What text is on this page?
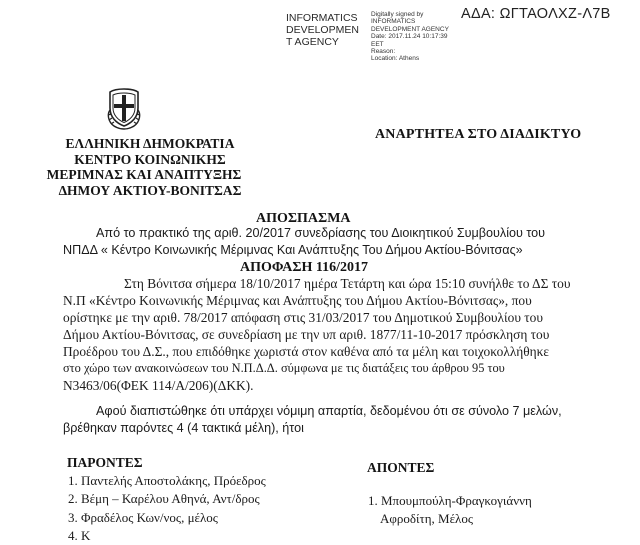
INFORMATICS
DEVELOPMEN
T AGENCY
Digitally signed by
INFORMATICS
DEVELOPMENT AGENCY
Date: 2017.11.24 10:17:39
EET
Reason:
Location: Athens
ΑΔΑ: ΩΓΤΑΟΛΧΖ-Λ7Β
ΕΛΛΗΝΙΚΗ ΔΗΜΟΚΡΑΤΙΑ
ΚΕΝΤΡΟ ΚΟΙΝΩΝΙΚΗΣ
ΜΕΡΙΜΝΑΣ ΚΑΙ ΑΝΑΠΤΥΞΗΣ
ΔΗΜΟΥ ΑΚΤΙΟΥ-ΒΟΝΙΤΣΑΣ
ΑΝΑΡΤΗΤΕΑ ΣΤΟ ΔΙΑΔΙΚΤΥΟ
ΑΠΟΣΠΑΣΜΑ
Από το πρακτικό της αριθ. 20/2017 συνεδρίασης του Διοικητικού Συμβουλίου του
ΝΠΔΔ « Κέντρο Κοινωνικής Μέριμνας Και Ανάπτυξης Του Δήμου Ακτίου-Βόνιτσας»
ΑΠΟΦΑΣΗ 116/2017
Στη Βόνιτσα σήμερα 18/10/2017 ημέρα Τετάρτη και ώρα 15:10 συνήλθε το ΔΣ του
Ν.Π «Κέντρο Κοινωνικής Μέριμνας και Ανάπτυξης του Δήμου Ακτίου-Βόνιτσας», που
ορίστηκε με την αριθ. 78/2017 απόφαση στις 31/03/2017 του Δημοτικού Συμβουλίου του
Δήμου Ακτίου-Βόνιτσας, σε συνεδρίαση με την υπ αριθ. 1877/11-10-2017 πρόσκληση του
Προέδρου του Δ.Σ., που επιδόθηκε χωριστά στον καθένα από τα μέλη και τοιχοκολλήθηκε
στο χώρο των ανακοινώσεων του Ν.Π.Δ.Δ. σύμφωνα με τις διατάξεις του άρθρου 95 του
Ν3463/06(ΦΕΚ 114/Α/206)(ΔΚΚ).
Αφού διαπιστώθηκε ότι υπάρχει νόμιμη απαρτία, δεδομένου ότι σε σύνολο 7 μελών,
βρέθηκαν παρόντες 4 (4 τακτικά μέλη), ήτοι
ΠΑΡΟΝΤΕΣ
1. Παντελής Αποστολάκης, Πρόεδρος
2. Βέμη – Καρέλου Αθηνά, Αντ/δρος
3. Φραδέλος Κων/νος, μέλος
4. Κ
ΑΠΟΝΤΕΣ
1. Μπουμπούλη-Φραγκογιάννη
Αφροδίτη, Μέλος
